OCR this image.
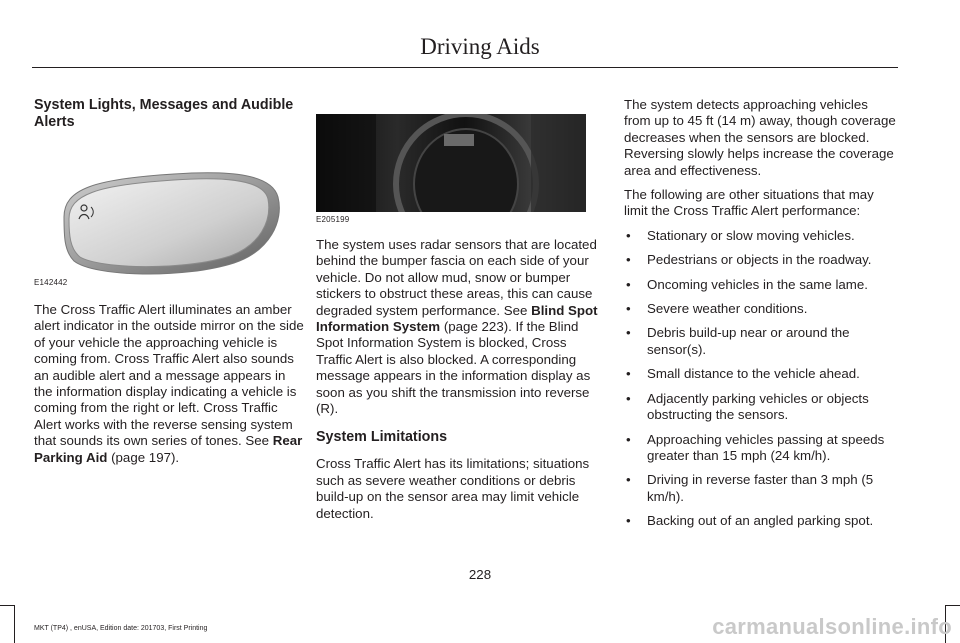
Driving Aids
System Lights, Messages and Audible Alerts
E142442

The Cross Traffic Alert illuminates an amber alert indicator in the outside mirror on the side of your vehicle the approaching vehicle is coming from. Cross Traffic Alert also sounds an audible alert and a message appears in the information display indicating a vehicle is coming from the right or left. Cross Traffic Alert works with the reverse sensing system that sounds its own series of tones. See Rear Parking Aid (page 197).

E205199

The system uses radar sensors that are located behind the bumper fascia on each side of your vehicle. Do not allow mud, snow or bumper stickers to obstruct these areas, this can cause degraded system performance. See Blind Spot Information System (page 223). If the Blind Spot Information System is blocked, Cross Traffic Alert is also blocked. A corresponding message appears in the information display as soon as you shift the transmission into reverse (R).

System Limitations

Cross Traffic Alert has its limitations; situations such as severe weather conditions or debris build-up on the sensor area may limit vehicle detection.

The system detects approaching vehicles from up to 45 ft (14 m) away, though coverage decreases when the sensors are blocked. Reversing slowly helps increase the coverage area and effectiveness.

The following are other situations that may limit the Cross Traffic Alert performance:

• Stationary or slow moving vehicles.
• Pedestrians or objects in the roadway.
• Oncoming vehicles in the same lame.
• Severe weather conditions.
• Debris build-up near or around the sensor(s).
• Small distance to the vehicle ahead.
• Adjacently parking vehicles or objects obstructing the sensors.
• Approaching vehicles passing at speeds greater than 15 mph (24 km/h).
• Driving in reverse faster than 3 mph (5 km/h).
• Backing out of an angled parking spot.
228
MKT (TP4) , enUSA, Edition date: 201703, First Printing	carmanualsonline.info
